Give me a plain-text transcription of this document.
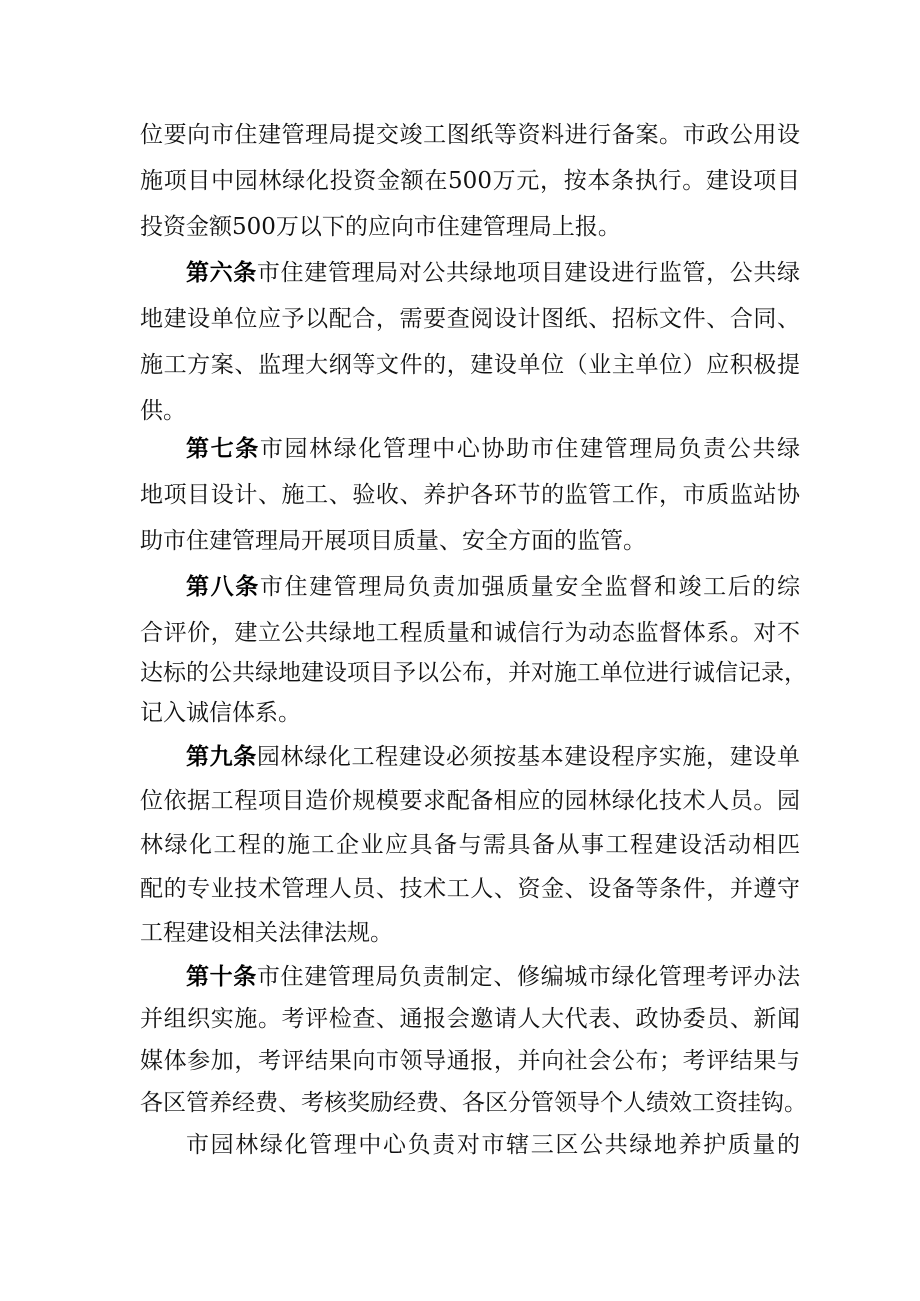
位要向市住建管理局提交竣工图纸等资料进行备案。市政公用设

施项目中园林绿化投资金额在500万元，按本条执行。建设项目

投资金额500万以下的应向市住建管理局上报。

第六条市住建管理局对公共绿地项目建设进行监管，公共绿

地建设单位应予以配合，需要查阅设计图纸、招标文件、合同、

施工方案、监理大纲等文件的，建设单位（业主单位）应积极提

供。

第七条市园林绿化管理中心协助市住建管理局负责公共绿

地项目设计、施工、验收、养护各环节的监管工作，市质监站协

助市住建管理局开展项目质量、安全方面的监管。

第八条市住建管理局负责加强质量安全监督和竣工后的综

合评价，建立公共绿地工程质量和诚信行为动态监督体系。对不

达标的公共绿地建设项目予以公布，并对施工单位进行诚信记录，

记入诚信体系。

第九条园林绿化工程建设必须按基本建设程序实施，建设单

位依据工程项目造价规模要求配备相应的园林绿化技术人员。园

林绿化工程的施工企业应具备与需具备从事工程建设活动相匹

配的专业技术管理人员、技术工人、资金、设备等条件，并遵守

工程建设相关法律法规。

第十条市住建管理局负责制定、修编城市绿化管理考评办法

并组织实施。考评检查、通报会邀请人大代表、政协委员、新闻

媒体参加，考评结果向市领导通报，并向社会公布；考评结果与

各区管养经费、考核奖励经费、各区分管领导个人绩效工资挂钩。

市园林绿化管理中心负责对市辖三区公共绿地养护质量的
